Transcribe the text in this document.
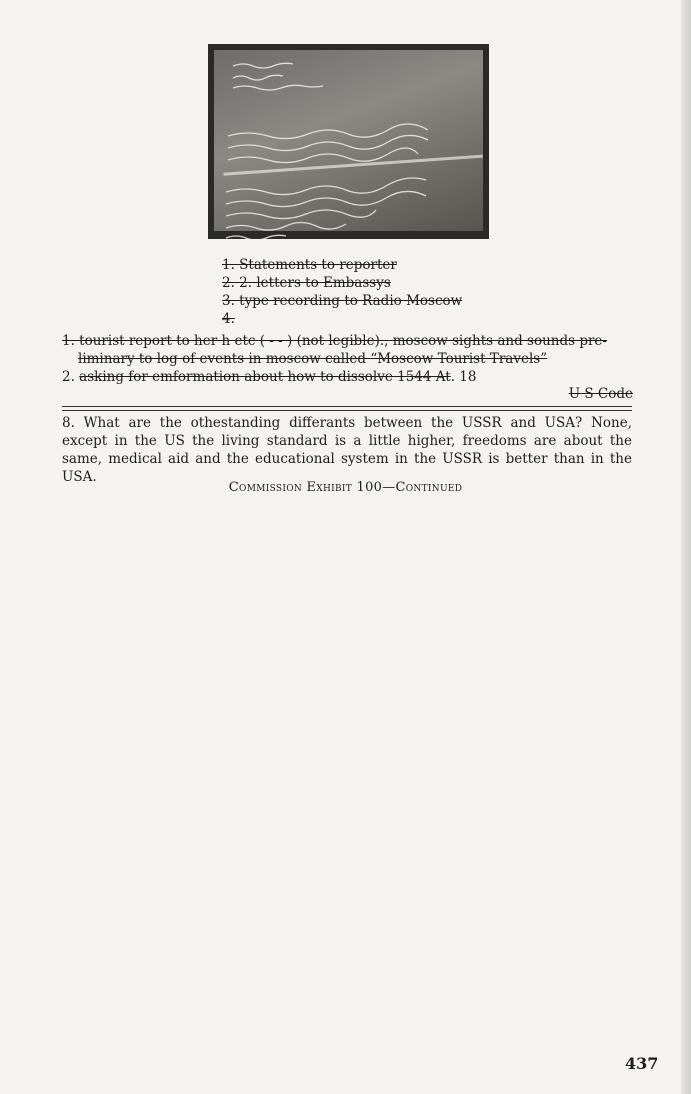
1. Statements to reporter
2. 2. letters to Embassys
3. type recording to Radio Moscow
4.
1. tourist report to her h etc ( - - ) (not legible)., moscow sights and sounds pre-
liminary to log of events in moscow called “Moscow Tourist Travels”
2. asking for emformation about how to dissolve 1544 At. 18
U S Code
8. What are the othestanding differants between the USSR and USA? None, except in the US the living standard is a little higher, freedoms are about the same, medical aid and the educational system in the USSR is better than in the USA.
Commission Exhibit 100—Continued
437
